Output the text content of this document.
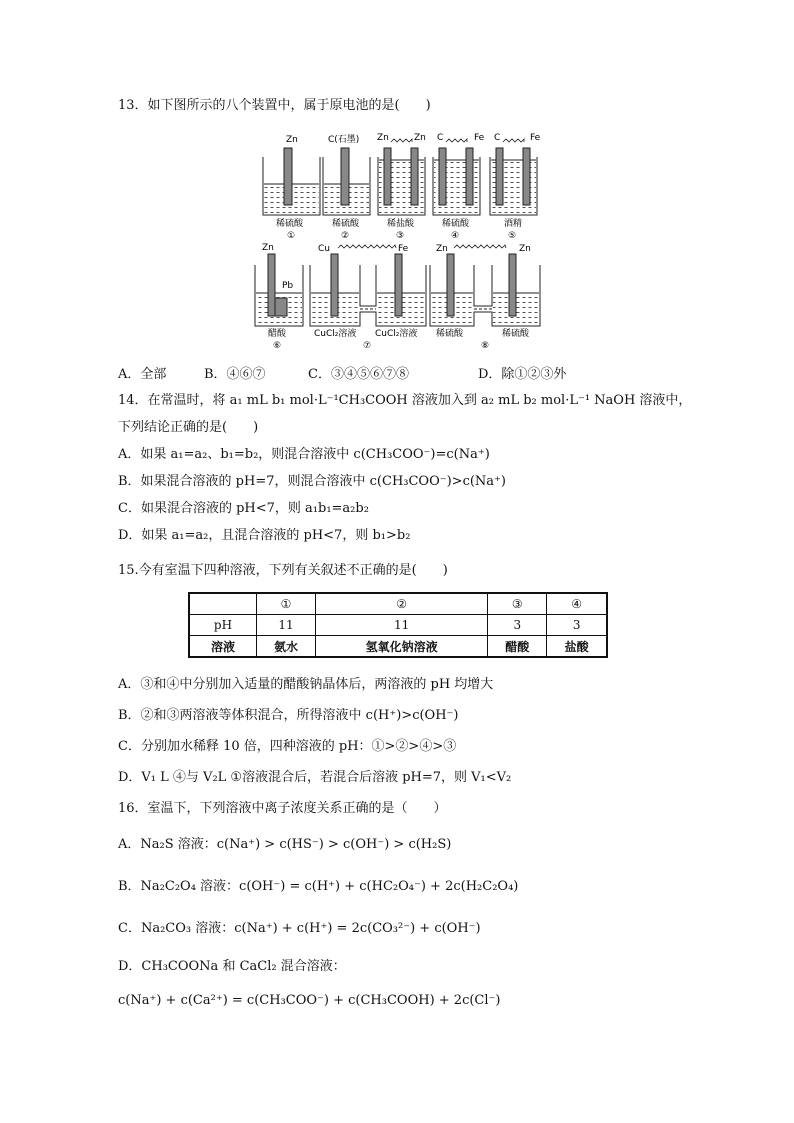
13．如下图所示的八个装置中，属于原电池的是(　　)
Zn
稀硫酸
①
C(石墨)
稀硫酸
②
Zn	Zn
稀盐酸
③
C	Fe
稀硫酸
④
C	Fe
酒精
⑤
Zn
Pb
醋酸
⑥
Cu	Fe
CuCl₂溶液 CuCl₂溶液
⑦
Zn	Zn
稀硫酸	稀硫酸
⑧
A．全部	B．④⑥⑦	C．③④⑤⑥⑦⑧	D．除①②③外
14．在常温时，将 a₁ mL b₁ mol·L⁻¹CH₃COOH 溶液加入到 a₂ mL b₂ mol·L⁻¹ NaOH 溶液中，
下列结论正确的是(　　)
A．如果 a₁=a₂、b₁=b₂，则混合溶液中 c(CH₃COO⁻)=c(Na⁺)
B．如果混合溶液的 pH=7，则混合溶液中 c(CH₃COO⁻)>c(Na⁺)
C．如果混合溶液的 pH<7，则 a₁b₁=a₂b₂
D．如果 a₁=a₂，且混合溶液的 pH<7，则 b₁>b₂
15.今有室温下四种溶液，下列有关叙述不正确的是(　　)
	①	②	③	④
pH	11	11	3	3
溶液	氨水	氢氧化钠溶液	醋酸	盐酸
A．③和④中分别加入适量的醋酸钠晶体后，两溶液的 pH 均增大
B．②和③两溶液等体积混合，所得溶液中 c(H⁺)>c(OH⁻)
C．分别加水稀释 10 倍，四种溶液的 pH：①>②>④>③
D．V₁ L ④与 V₂L ①溶液混合后，若混合后溶液 pH=7，则 V₁<V₂
16．室温下，下列溶液中离子浓度关系正确的是（　　）
A．Na₂S 溶液：c(Na⁺) > c(HS⁻) > c(OH⁻) > c(H₂S)
B．Na₂C₂O₄ 溶液：c(OH⁻) = c(H⁺) + c(HC₂O₄⁻) + 2c(H₂C₂O₄)
C．Na₂CO₃ 溶液：c(Na⁺) + c(H⁺) = 2c(CO₃²⁻) + c(OH⁻)
D．CH₃COONa 和 CaCl₂ 混合溶液：
c(Na⁺) + c(Ca²⁺) = c(CH₃COO⁻) + c(CH₃COOH) + 2c(Cl⁻)
